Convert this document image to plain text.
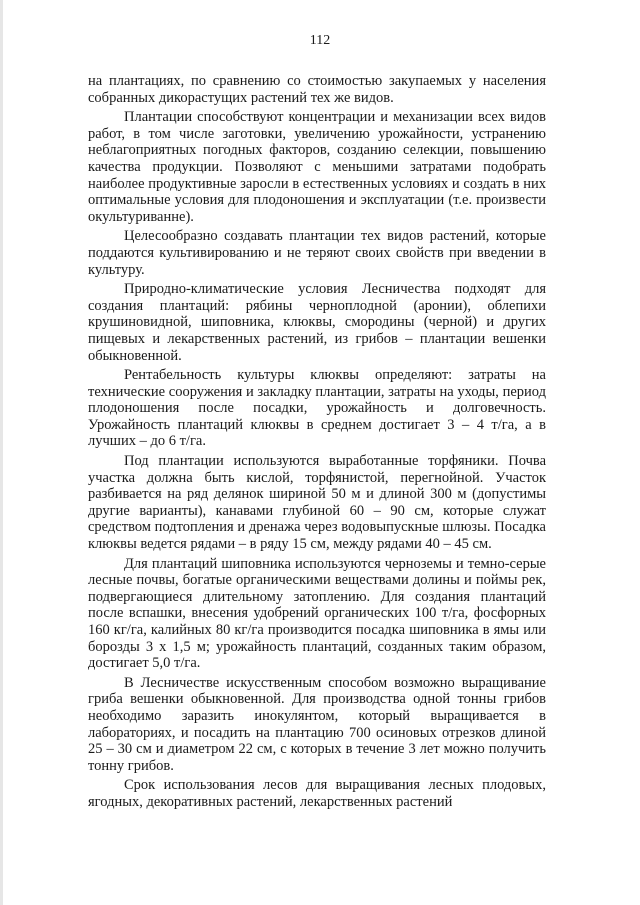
112

на плантациях, по сравнению со стоимостью закупаемых у населения собранных дикорастущих растений тех же видов.

Плантации способствуют концентрации и механизации всех видов работ, в том числе заготовки, увеличению урожайности, устранению неблагоприятных погодных факторов, созданию селекции, повышению качества продукции. Позволяют с меньшими затратами подобрать наиболее продуктивные заросли в естественных условиях и создать в них оптимальные условия для плодоношения и эксплуатации (т.е. произвести окультуриванне).

Целесообразно создавать плантации тех видов растений, которые поддаются культивированию и не теряют своих свойств при введении в культуру.

Природно-климатические условия Лесничества подходят для создания плантаций: рябины черноплодной (аронии), облепихи крушиновидной, шиповника, клюквы, смородины (черной) и других пищевых и лекарственных растений, из грибов – плантации вешенки обыкновенной.

Рентабельность культуры клюквы определяют: затраты на технические сооружения и закладку плантации, затраты на уходы, период плодоношения после посадки, урожайность и долговечность. Урожайность плантаций клюквы в среднем достигает 3 – 4 т/га, а в лучших – до 6 т/га.

Под плантации используются выработанные торфяники. Почва участка должна быть кислой, торфянистой, перегнойной. Участок разбивается на ряд делянок шириной 50 м и длиной 300 м (допустимы другие варианты), канавами глубиной 60 – 90 см, которые служат средством подтопления и дренажа через водовыпускные шлюзы. Посадка клюквы ведется рядами – в ряду 15 см, между рядами 40 – 45 см.

Для плантаций шиповника используются черноземы и темно-серые лесные почвы, богатые органическими веществами долины и поймы рек, подвергающиеся длительному затоплению. Для создания плантаций после вспашки, внесения удобрений органических 100 т/га, фосфорных 160 кг/га, калийных 80 кг/га производится посадка шиповника в ямы или борозды 3 х 1,5 м; урожайность плантаций, созданных таким образом, достигает 5,0 т/га.

В Лесничестве искусственным способом возможно выращивание гриба вешенки обыкновенной. Для производства одной тонны грибов необходимо заразить инокулянтом, который выращивается в лабораториях, и посадить на плантацию 700 осиновых отрезков длиной 25 – 30 см и диаметром 22 см, с которых в течение 3 лет можно получить тонну грибов.

Срок использования лесов для выращивания лесных плодовых, ягодных, декоративных растений, лекарственных растений
